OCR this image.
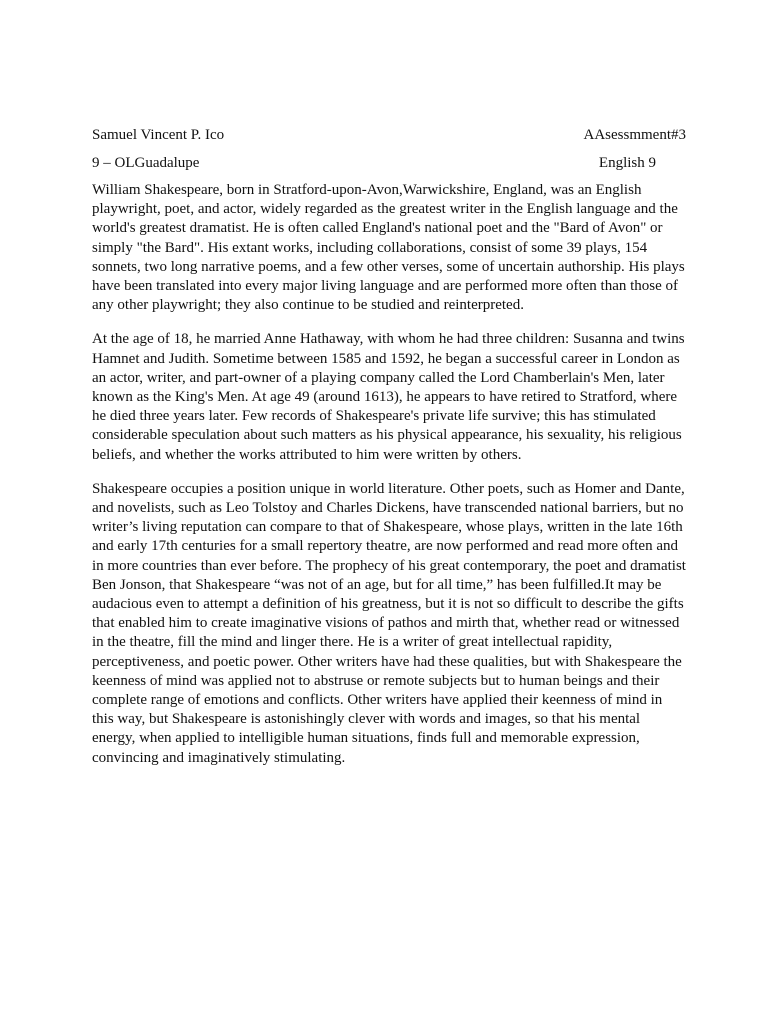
Samuel Vincent P. Ico	AAsessmment#3
9 – OLGuadalupe	English 9

William Shakespeare, born in Stratford-upon-Avon,Warwickshire, England, was an English playwright, poet, and actor, widely regarded as the greatest writer in the English language and the world's greatest dramatist. He is often called England's national poet and the "Bard of Avon" or simply "the Bard". His extant works, including collaborations, consist of some 39 plays, 154 sonnets, two long narrative poems, and a few other verses, some of uncertain authorship. His plays have been translated into every major living language and are performed more often than those of any other playwright; they also continue to be studied and reinterpreted.

At the age of 18, he married Anne Hathaway, with whom he had three children: Susanna and twins Hamnet and Judith. Sometime between 1585 and 1592, he began a successful career in London as an actor, writer, and part-owner of a playing company called the Lord Chamberlain's Men, later known as the King's Men. At age 49 (around 1613), he appears to have retired to Stratford, where he died three years later. Few records of Shakespeare's private life survive; this has stimulated considerable speculation about such matters as his physical appearance, his sexuality, his religious beliefs, and whether the works attributed to him were written by others.

Shakespeare occupies a position unique in world literature. Other poets, such as Homer and Dante, and novelists, such as Leo Tolstoy and Charles Dickens, have transcended national barriers, but no writer’s living reputation can compare to that of Shakespeare, whose plays, written in the late 16th and early 17th centuries for a small repertory theatre, are now performed and read more often and in more countries than ever before. The prophecy of his great contemporary, the poet and dramatist Ben Jonson, that Shakespeare “was not of an age, but for all time,” has been fulfilled.It may be audacious even to attempt a definition of his greatness, but it is not so difficult to describe the gifts that enabled him to create imaginative visions of pathos and mirth that, whether read or witnessed in the theatre, fill the mind and linger there. He is a writer of great intellectual rapidity, perceptiveness, and poetic power. Other writers have had these qualities, but with Shakespeare the keenness of mind was applied not to abstruse or remote subjects but to human beings and their complete range of emotions and conflicts. Other writers have applied their keenness of mind in this way, but Shakespeare is astonishingly clever with words and images, so that his mental energy, when applied to intelligible human situations, finds full and memorable expression, convincing and imaginatively stimulating.
